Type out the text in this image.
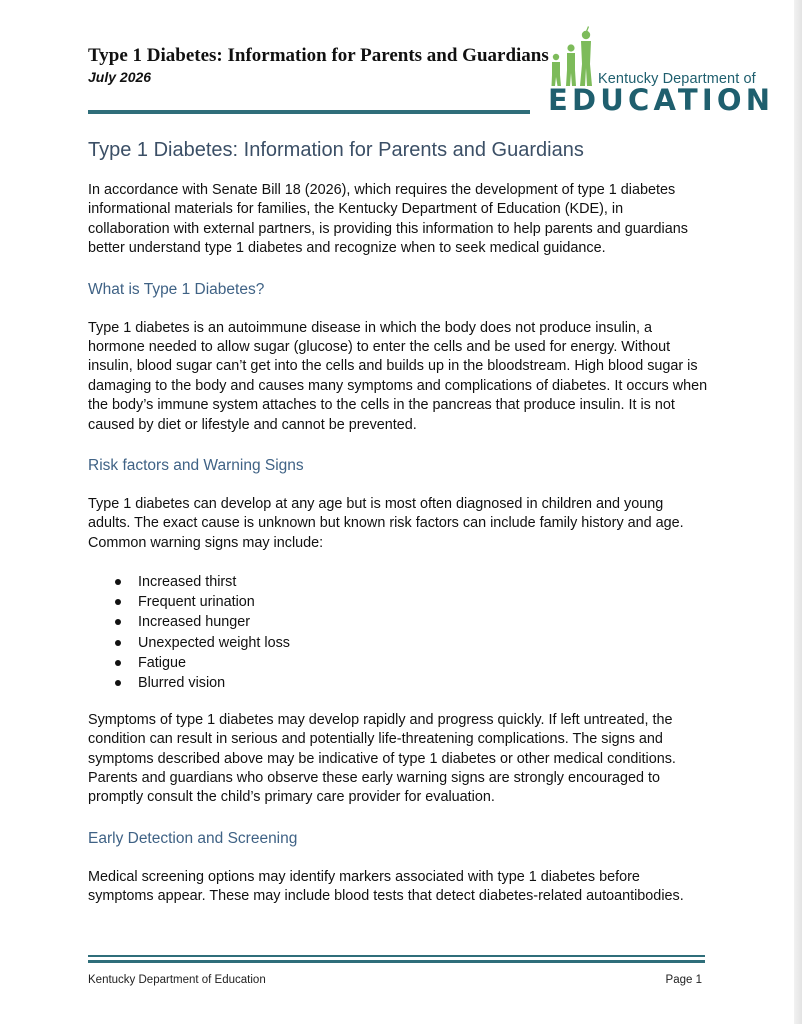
Type 1 Diabetes: Information for Parents and Guardians
July 2026	Kentucky Department of
EDUCATION
Type 1 Diabetes: Information for Parents and Guardians

In accordance with Senate Bill 18 (2026), which requires the development of type 1 diabetes informational materials for families, the Kentucky Department of Education (KDE), in collaboration with external partners, is providing this information to help parents and guardians better understand type 1 diabetes and recognize when to seek medical guidance.

What is Type 1 Diabetes?

Type 1 diabetes is an autoimmune disease in which the body does not produce insulin, a hormone needed to allow sugar (glucose) to enter the cells and be used for energy. Without insulin, blood sugar can’t get into the cells and builds up in the bloodstream. High blood sugar is damaging to the body and causes many symptoms and complications of diabetes. It occurs when the body’s immune system attaches to the cells in the pancreas that produce insulin. It is not caused by diet or lifestyle and cannot be prevented.

Risk factors and Warning Signs

Type 1 diabetes can develop at any age but is most often diagnosed in children and young adults. The exact cause is unknown but known risk factors can include family history and age. Common warning signs may include:

Increased thirst
Frequent urination
Increased hunger
Unexpected weight loss
Fatigue
Blurred vision

Symptoms of type 1 diabetes may develop rapidly and progress quickly. If left untreated, the condition can result in serious and potentially life-threatening complications. The signs and symptoms described above may be indicative of type 1 diabetes or other medical conditions. Parents and guardians who observe these early warning signs are strongly encouraged to promptly consult the child’s primary care provider for evaluation.

Early Detection and Screening

Medical screening options may identify markers associated with type 1 diabetes before symptoms appear. These may include blood tests that detect diabetes-related autoantibodies.

Kentucky Department of Education	Page 1
